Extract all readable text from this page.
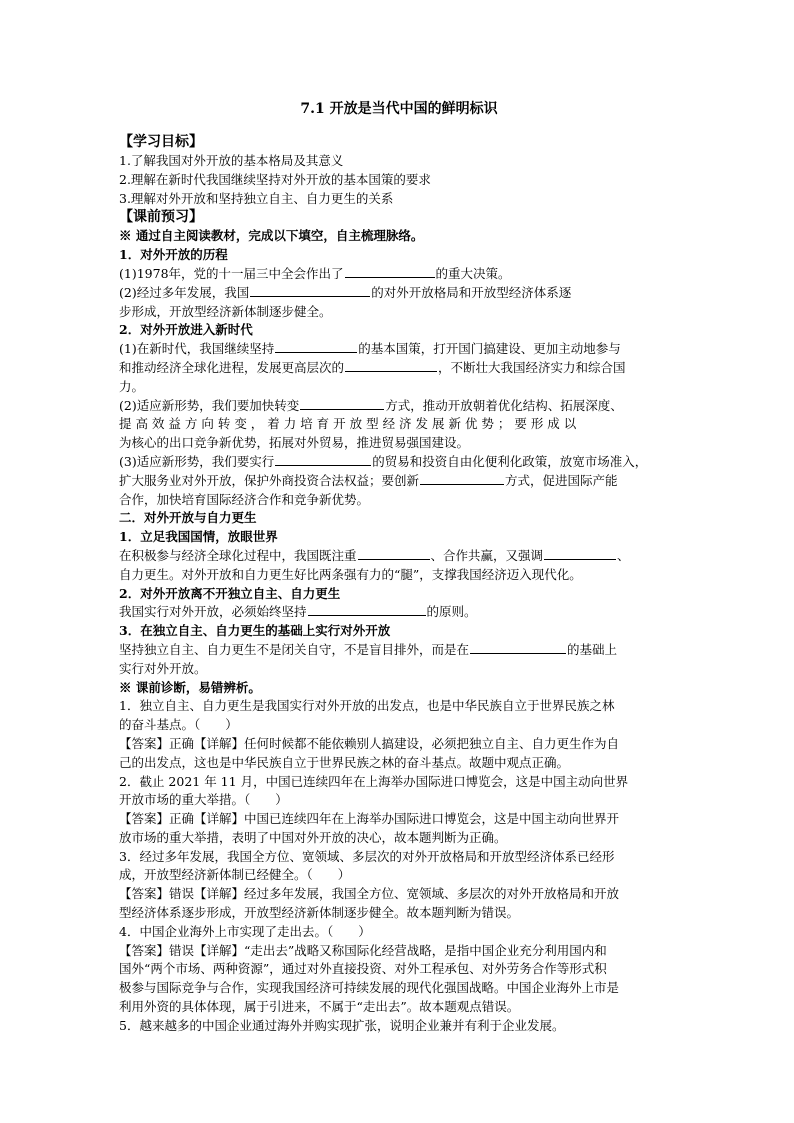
7.1 开放是当代中国的鲜明标识
【学习目标】
1.了解我国对外开放的基本格局及其意义
2.理解在新时代我国继续坚持对外开放的基本国策的要求
3.理解对外开放和坚持独立自主、自力更生的关系
【课前预习】
※ 通过自主阅读教材，完成以下填空，自主梳理脉络。
1．对外开放的历程
(1)1978年，党的十一届三中全会作出了	的重大决策。
(2)经过多年发展，我国	的对外开放格局和开放型经济体系逐
步形成，开放型经济新体制逐步健全。
2．对外开放进入新时代
(1)在新时代，我国继续坚持	的基本国策，打开国门搞建设、更加主动地参与
和推动经济全球化进程，发展更高层次的	，不断壮大我国经济实力和综合国
力。
(2)适应新形势，我们要加快转变	方式，推动开放朝着优化结构、拓展深度、
提 高 效 益 方 向 转 变 ， 着 力 培 育 开 放 型 经 济 发 展 新 优 势 ； 要 形 成 以
为核心的出口竞争新优势，拓展对外贸易，推进贸易强国建设。
(3)适应新形势，我们要实行	的贸易和投资自由化便利化政策，放宽市场准入，
扩大服务业对外开放，保护外商投资合法权益；要创新	方式，促进国际产能
合作，加快培育国际经济合作和竞争新优势。
二．对外开放与自力更生
1．立足我国国情，放眼世界
在积极参与经济全球化过程中，我国既注重	、合作共赢，又强调	、
自力更生。对外开放和自力更生好比两条强有力的“腿”，支撑我国经济迈入现代化。
2．对外开放离不开独立自主、自力更生
我国实行对外开放，必须始终坚持	的原则。
3．在独立自主、自力更生的基础上实行对外开放
坚持独立自主、自力更生不是闭关自守，不是盲目排外，而是在	的基础上
实行对外开放。
※ 课前诊断，易错辨析。
1．独立自主、自力更生是我国实行对外开放的出发点，也是中华民族自立于世界民族之林
的奋斗基点。（　　）
【答案】正确【详解】任何时候都不能依赖别人搞建设，必须把独立自主、自力更生作为自
己的出发点，这也是中华民族自立于世界民族之林的奋斗基点。故题中观点正确。
2．截止 2021 年 11 月，中国已连续四年在上海举办国际进口博览会，这是中国主动向世界
开放市场的重大举措。（　　）
【答案】正确【详解】中国已连续四年在上海举办国际进口博览会，这是中国主动向世界开
放市场的重大举措，表明了中国对外开放的决心，故本题判断为正确。
3．经过多年发展，我国全方位、宽领域、多层次的对外开放格局和开放型经济体系已经形
成，开放型经济新体制已经健全。（　　）
【答案】错误【详解】经过多年发展，我国全方位、宽领域、多层次的对外开放格局和开放
型经济体系逐步形成，开放型经济新体制逐步健全。故本题判断为错误。
4．中国企业海外上市实现了走出去。（　　）
【答案】错误【详解】“走出去”战略又称国际化经营战略，是指中国企业充分利用国内和
国外“两个市场、两种资源”，通过对外直接投资、对外工程承包、对外劳务合作等形式积
极参与国际竞争与合作，实现我国经济可持续发展的现代化强国战略。中国企业海外上市是
利用外资的具体体现，属于引进来，不属于“走出去”。故本题观点错误。
5．越来越多的中国企业通过海外并购实现扩张，说明企业兼并有利于企业发展。
